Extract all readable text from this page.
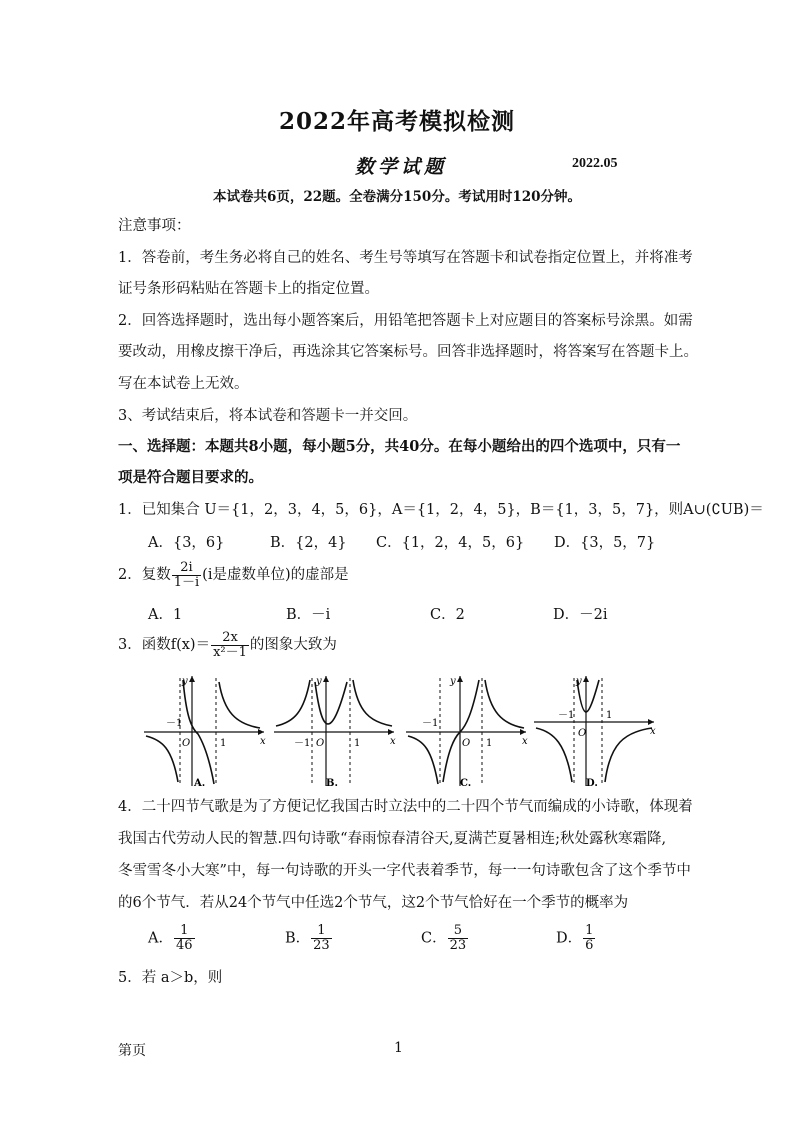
2022年高考模拟检测
数学试题	2022.05
本试卷共6页，22题。全卷满分150分。考试用时120分钟。
注意事项：
1．答卷前，考生务必将自己的姓名、考生号等填写在答题卡和试卷指定位置上，并将准考
证号条形码粘贴在答题卡上的指定位置。
2．回答选择题时，选出每小题答案后，用铅笔把答题卡上对应题目的答案标号涂黑。如需
要改动，用橡皮擦干净后，再选涂其它答案标号。回答非选择题时，将答案写在答题卡上。
写在本试卷上无效。
3、考试结束后，将本试卷和答题卡一并交回。
一、选择题：本题共8小题，每小题5分，共40分。在每小题给出的四个选项中，只有一
项是符合题目要求的。
1．已知集合 U＝{1，2，3，4，5，6}，A＝{1，2，4，5}，B＝{1，3，5，7}，则A∪(∁UB)＝
A．{3，6}	B．{2，4} C．{1，2，4，5，6} D．{3，5，7}
2．复数 $\frac{2i}{1-i} (i$是虚数单位)的虚部是
A．1	B．－i	C．2	D．－2i
3．函数$f(x)= \frac{2x}{\text{x²－1}}$ 的图象大致为
－1
O	1
y
x
A.
－1 O	1
y
x
B.
－1
O 1
y
x
C.
－1
O
1
y
x
D.
4．二十四节气歌是为了方便记忆我国古时立法中的二十四个节气而编成的小诗歌，体现着
我国古代劳动人民的智慧.四句诗歌“春雨惊春清谷天,夏满芒夏暑相连;秋处露秋寒霜降,
冬雪雪冬小大寒”中，每一句诗歌的开头一字代表着季节，每一一句诗歌包含了这个季节中
的6个节气．若从24个节气中任选2个节气，这2个节气恰好在一个季节的概率为
A． $\frac{1}{46}$	B． $\frac{1}{23}$	C． $\frac{5}{23}$	D． $\frac{1}{6}$
5．若 a＞b，则
第页	1
